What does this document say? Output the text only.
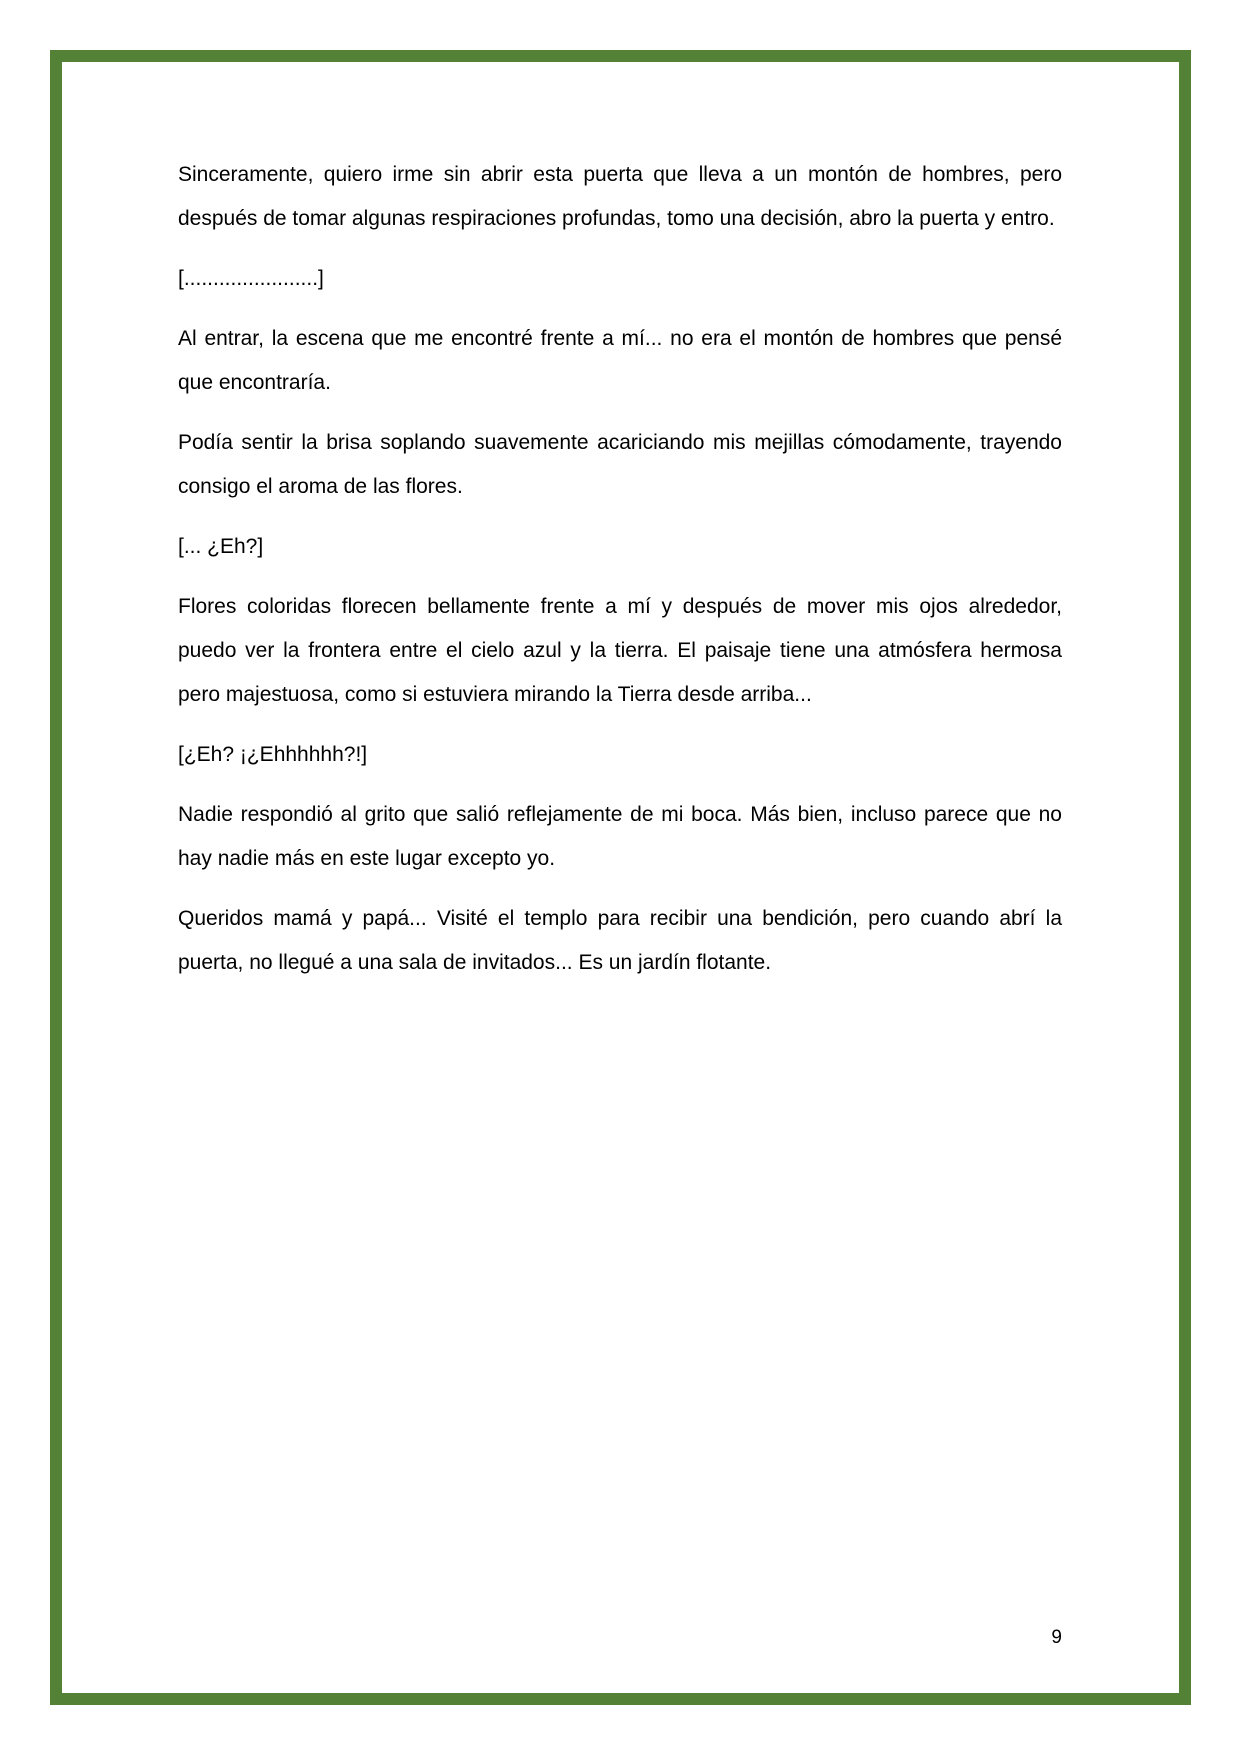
Sinceramente, quiero irme sin abrir esta puerta que lleva a un montón de hombres, pero después de tomar algunas respiraciones profundas, tomo una decisión, abro la puerta y entro.

[.......................]

Al entrar, la escena que me encontré frente a mí... no era el montón de hombres que pensé que encontraría.

Podía sentir la brisa soplando suavemente acariciando mis mejillas cómodamente, trayendo consigo el aroma de las flores.

[... ¿Eh?]

Flores coloridas florecen bellamente frente a mí y después de mover mis ojos alrededor, puedo ver la frontera entre el cielo azul y la tierra. El paisaje tiene una atmósfera hermosa pero majestuosa, como si estuviera mirando la Tierra desde arriba...

[¿Eh? ¡¿Ehhhhhh?!]

Nadie respondió al grito que salió reflejamente de mi boca. Más bien, incluso parece que no hay nadie más en este lugar excepto yo.

Queridos mamá y papá... Visité el templo para recibir una bendición, pero cuando abrí la puerta, no llegué a una sala de invitados... Es un jardín flotante.

9
